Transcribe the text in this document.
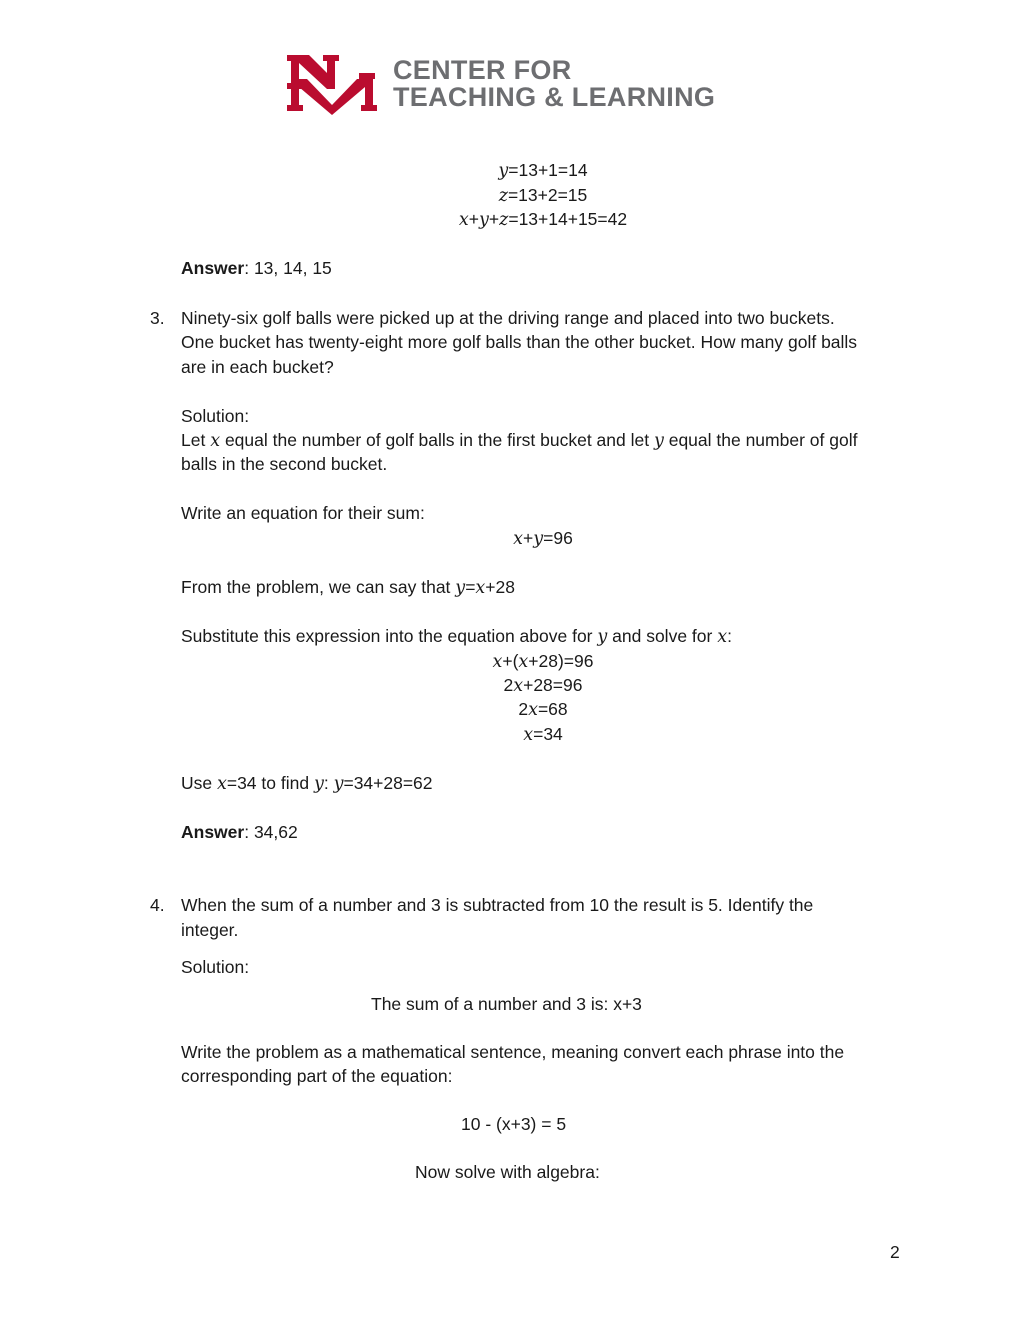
®
CENTER FOR
TEACHING & LEARNING
y=13+1=14
z=13+2=15
x+y+z=13+14+15=42
Answer: 13, 14, 15
3. Ninety-six golf balls were picked up at the driving range and placed into two buckets.
One bucket has twenty-eight more golf balls than the other bucket. How many golf balls
are in each bucket?
Solution:
Let x equal the number of golf balls in the first bucket and let y equal the number of golf
balls in the second bucket.
Write an equation for their sum:
x+y=96
From the problem, we can say that y=x+28
Substitute this expression into the equation above for y and solve for x:
x+(x+28)=96
2x+28=96
2x=68
x=34
Use x=34 to find y: y=34+28=62
Answer: 34,62
4. When the sum of a number and 3 is subtracted from 10 the result is 5. Identify the
integer.
Solution:
The sum of a number and 3 is: x+3
Write the problem as a mathematical sentence, meaning convert each phrase into the
corresponding part of the equation:
10 - (x+3) = 5
Now solve with algebra:
2
